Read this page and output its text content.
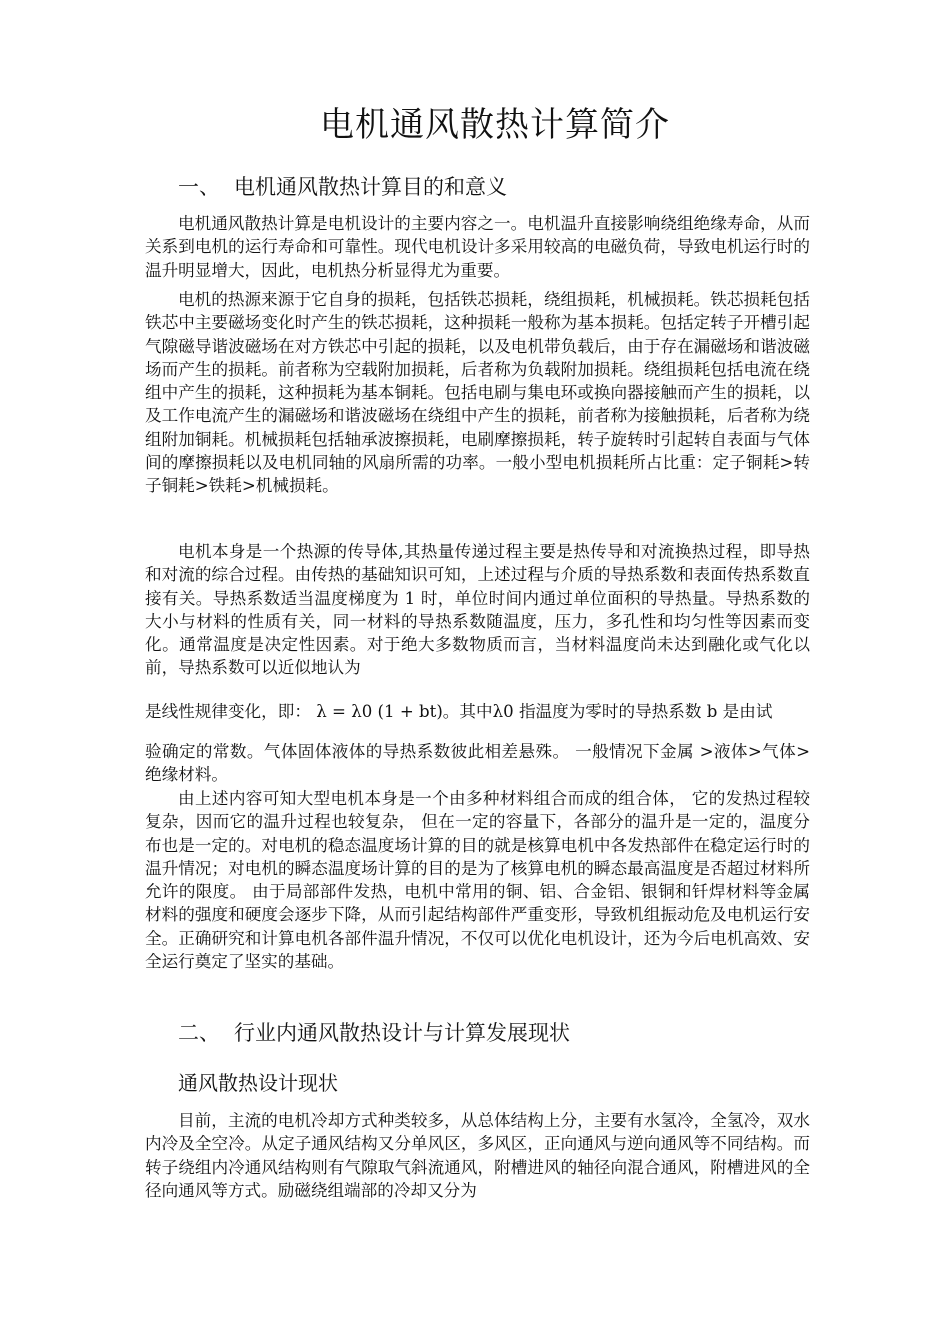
电机通风散热计算简介
一、 电机通风散热计算目的和意义

电机通风散热计算是电机设计的主要内容之一。电机温升直接影响绕组绝缘寿命，从而关系到电机的运行寿命和可靠性。现代电机设计多采用较高的电磁负荷，导致电机运行时的温升明显增大，因此，电机热分析显得尤为重要。

电机的热源来源于它自身的损耗，包括铁芯损耗，绕组损耗，机械损耗。铁芯损耗包括铁芯中主要磁场变化时产生的铁芯损耗，这种损耗一般称为基本损耗。包括定转子开槽引起气隙磁导谐波磁场在对方铁芯中引起的损耗，以及电机带负载后，由于存在漏磁场和谐波磁场而产生的损耗。前者称为空载附加损耗，后者称为负载附加损耗。绕组损耗包括电流在绕组中产生的损耗，这种损耗为基本铜耗。包括电刷与集电环或换向器接触而产生的损耗，以及工作电流产生的漏磁场和谐波磁场在绕组中产生的损耗，前者称为接触损耗，后者称为绕组附加铜耗。机械损耗包括轴承波擦损耗，电刷摩擦损耗，转子旋转时引起转自表面与气体间的摩擦损耗以及电机同轴的风扇所需的功率。一般小型电机损耗所占比重：定子铜耗>转子铜耗>铁耗>机械损耗。

电机本身是一个热源的传导体,其热量传递过程主要是热传导和对流换热过程，即导热和对流的综合过程。由传热的基础知识可知，上述过程与介质的导热系数和表面传热系数直接有关。导热系数适当温度梯度为 1 时，单位时间内通过单位面积的导热量。导热系数的大小与材料的性质有关，同一材料的导热系数随温度，压力，多孔性和均匀性等因素而变化。通常温度是决定性因素。对于绝大多数物质而言，当材料温度尚未达到融化或气化以前，导热系数可以近似地认为

是线性规律变化，即： λ = λ0 (1 + bt)。其中λ0 指温度为零时的导热系数 b 是由试

验确定的常数。气体固体液体的导热系数彼此相差悬殊。 一般情况下金属 >液体>气体>绝缘材料。

由上述内容可知大型电机本身是一个由多种材料组合而成的组合体， 它的发热过程较复杂，因而它的温升过程也较复杂， 但在一定的容量下，各部分的温升是一定的，温度分布也是一定的。对电机的稳态温度场计算的目的就是核算电机中各发热部件在稳定运行时的温升情况；对电机的瞬态温度场计算的目的是为了核算电机的瞬态最高温度是否超过材料所允许的限度。 由于局部部件发热，电机中常用的铜、铝、合金铝、银铜和钎焊材料等金属材料的强度和硬度会逐步下降，从而引起结构部件严重变形，导致机组振动危及电机运行安全。正确研究和计算电机各部件温升情况，不仅可以优化电机设计，还为今后电机高效、安全运行奠定了坚实的基础。

二、 行业内通风散热设计与计算发展现状
通风散热设计现状

目前，主流的电机冷却方式种类较多，从总体结构上分，主要有水氢冷，全氢冷，双水内冷及全空冷。从定子通风结构又分单风区，多风区，正向通风与逆向通风等不同结构。而转子绕组内冷通风结构则有气隙取气斜流通风，附槽进风的轴径向混合通风，附槽进风的全径向通风等方式。励磁绕组端部的冷却又分为
